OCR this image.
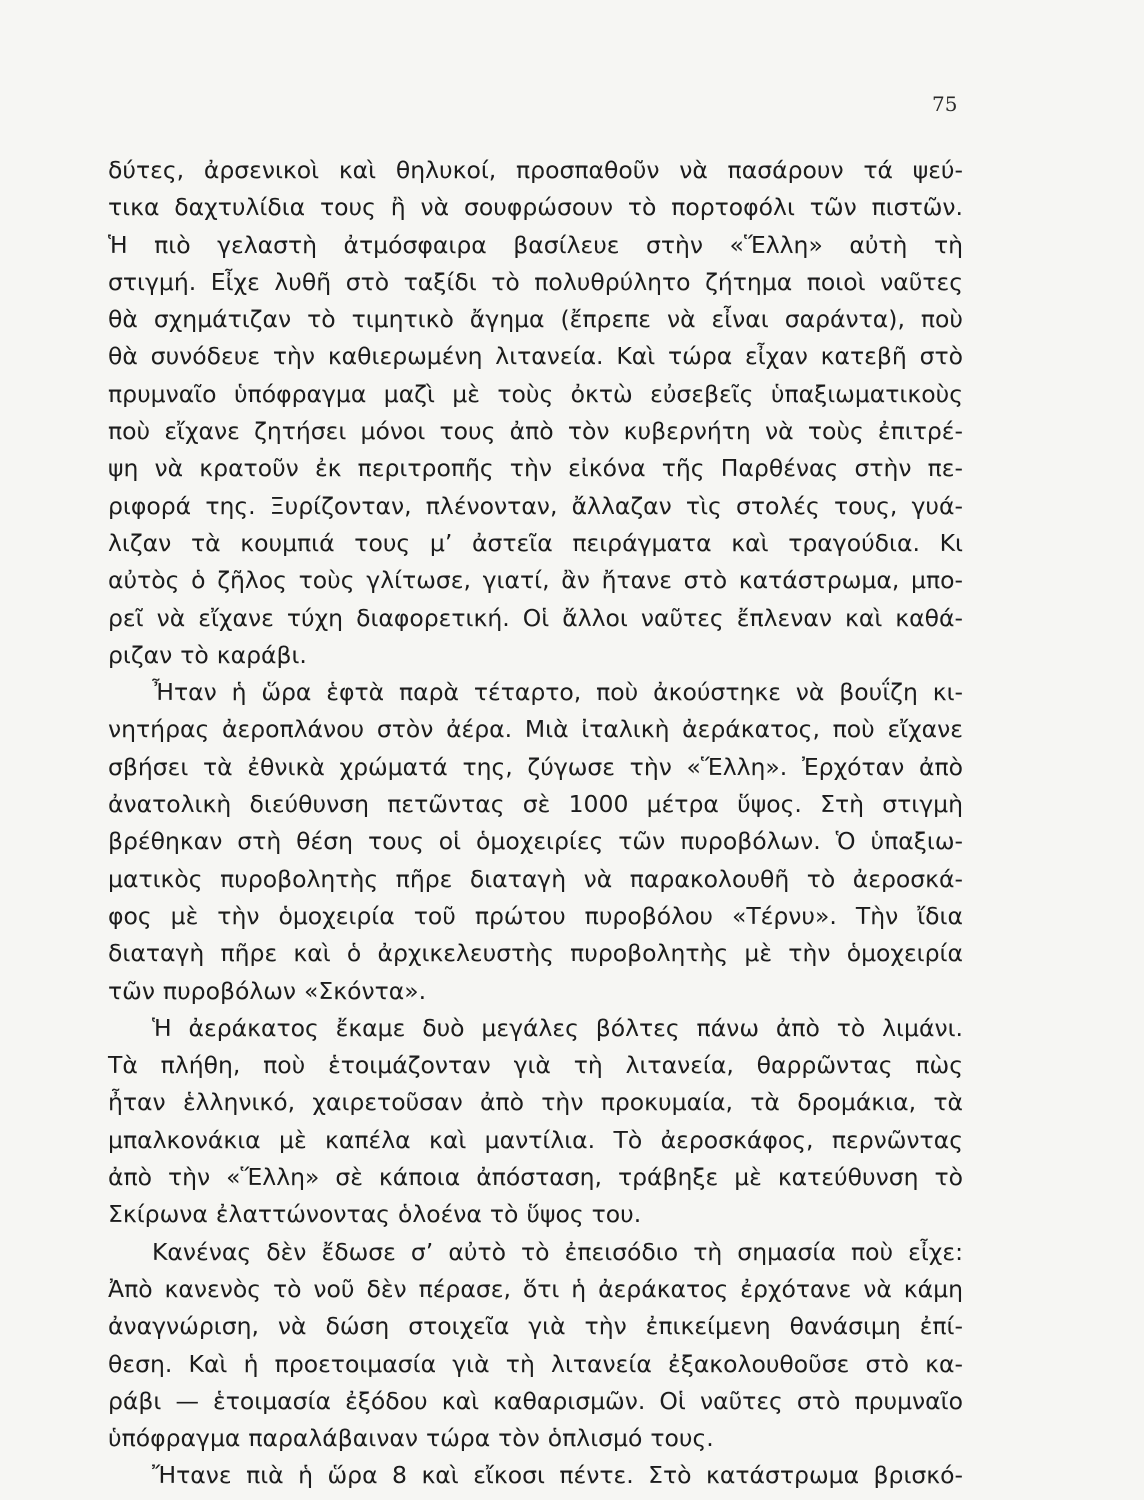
75
δύτες, ἀρσενικοὶ καὶ θηλυκοί, προσπαθοῦν νὰ πασάρουν τά ψεύ-
τικα δαχτυλίδια τους ἢ νὰ σουφρώσουν τὸ πορτοφόλι τῶν πιστῶν.
Ἡ πιὸ γελαστὴ ἀτμόσφαιρα βασίλευε στὴν «Ἕλλη» αὐτὴ τὴ
στιγμή. Εἶχε λυθῆ στὸ ταξίδι τὸ πολυθρύλητο ζήτημα ποιοὶ ναῦτες
θὰ σχημάτιζαν τὸ τιμητικὸ ἄγημα (ἔπρεπε νὰ εἶναι σαράντα), ποὺ
θὰ συνόδευε τὴν καθιερωμένη λιτανεία. Καὶ τώρα εἶχαν κατεβῆ στὸ
πρυμναῖο ὑπόφραγμα μαζὶ μὲ τοὺς ὀκτὼ εὐσεβεῖς ὑπαξιωματικοὺς
ποὺ εἴχανε ζητήσει μόνοι τους ἀπὸ τὸν κυβερνήτη νὰ τοὺς ἐπιτρέ-
ψη νὰ κρατοῦν ἐκ περιτροπῆς τὴν εἰκόνα τῆς Παρθένας στὴν πε-
ριφορά της. Ξυρίζονταν, πλένονταν, ἄλλαζαν τὶς στολές τους, γυά-
λιζαν τὰ κουμπιά τους μ’ ἀστεῖα πειράγματα καὶ τραγούδια. Κι
αὐτὸς ὁ ζῆλος τοὺς γλίτωσε, γιατί, ἂν ἤτανε στὸ κατάστρωμα, μπο-
ρεῖ νὰ εἴχανε τύχη διαφορετική. Οἱ ἄλλοι ναῦτες ἔπλεναν καὶ καθά-
ριζαν τὸ καράβι.
Ἦταν ἡ ὥρα ἑφτὰ παρὰ τέταρτο, ποὺ ἀκούστηκε νὰ βουΐζη κι-
νητήρας ἀεροπλάνου στὸν ἀέρα. Μιὰ ἰταλικὴ ἀεράκατος, ποὺ εἴχανε
σβήσει τὰ ἐθνικὰ χρώματά της, ζύγωσε τὴν «Ἕλλη». Ἐρχόταν ἀπὸ
ἀνατολικὴ διεύθυνση πετῶντας σὲ 1000 μέτρα ὕψος. Στὴ στιγμὴ
βρέθηκαν στὴ θέση τους οἱ ὁμοχειρίες τῶν πυροβόλων. Ὁ ὑπαξιω-
ματικὸς πυροβολητὴς πῆρε διαταγὴ νὰ παρακολουθῆ τὸ ἀεροσκά-
φος μὲ τὴν ὁμοχειρία τοῦ πρώτου πυροβόλου «Τέρνυ». Τὴν ἴδια
διαταγὴ πῆρε καὶ ὁ ἀρχικελευστὴς πυροβολητὴς μὲ τὴν ὁμοχειρία
τῶν πυροβόλων «Σκόντα».
Ἡ ἀεράκατος ἔκαμε δυὸ μεγάλες βόλτες πάνω ἀπὸ τὸ λιμάνι.
Τὰ πλήθη, ποὺ ἑτοιμάζονταν γιὰ τὴ λιτανεία, θαρρῶντας πὼς
ἦταν ἑλληνικό, χαιρετοῦσαν ἀπὸ τὴν προκυμαία, τὰ δρομάκια, τὰ
μπαλκονάκια μὲ καπέλα καὶ μαντίλια. Τὸ ἀεροσκάφος, περνῶντας
ἀπὸ τὴν «Ἕλλη» σὲ κάποια ἀπόσταση, τράβηξε μὲ κατεύθυνση τὸ
Σκίρωνα ἐλαττώνοντας ὁλοένα τὸ ὕψος του.
Κανένας δὲν ἔδωσε σ’ αὐτὸ τὸ ἐπεισόδιο τὴ σημασία ποὺ εἶχε:
Ἀπὸ κανενὸς τὸ νοῦ δὲν πέρασε, ὅτι ἡ ἀεράκατος ἐρχότανε νὰ κάμη
ἀναγνώριση, νὰ δώση στοιχεῖα γιὰ τὴν ἐπικείμενη θανάσιμη ἐπί-
θεση. Καὶ ἡ προετοιμασία γιὰ τὴ λιτανεία ἐξακολουθοῦσε στὸ κα-
ράβι — ἑτοιμασία ἐξόδου καὶ καθαρισμῶν. Οἱ ναῦτες στὸ πρυμναῖο
ὑπόφραγμα παραλάβαιναν τώρα τὸν ὁπλισμό τους.
Ἤτανε πιὰ ἡ ὥρα 8 καὶ εἴκοσι πέντε. Στὸ κατάστρωμα βρισκό-
